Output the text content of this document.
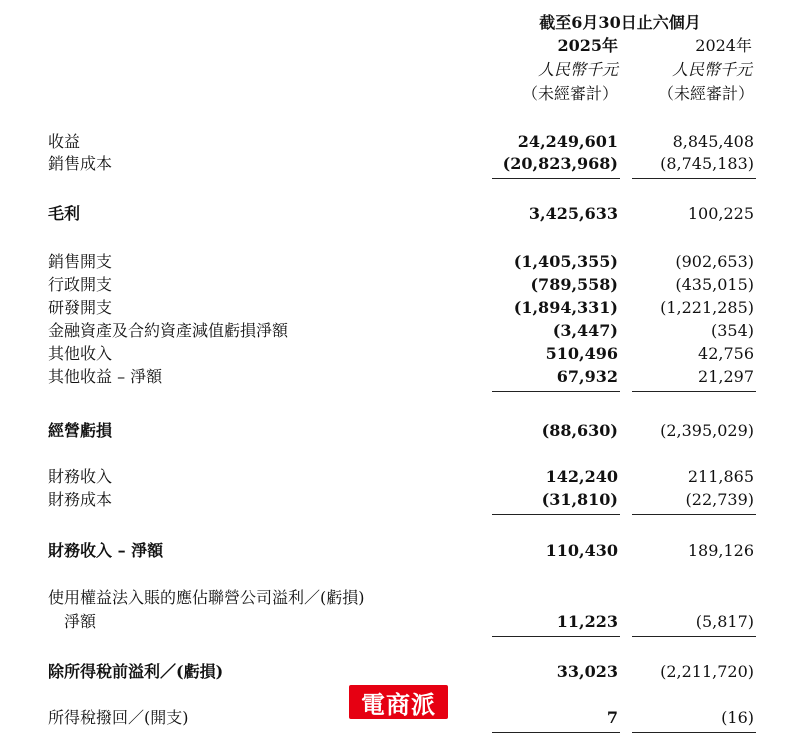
截至6月30日止六個月
2025年	2024年
人民幣千元	人民幣千元
（未經審計）	（未經審計）
收益	24,249,601	8,845,408
銷售成本	(20,823,968)	(8,745,183)
毛利	3,425,633	100,225
銷售開支	(1,405,355)	(902,653)
行政開支	(789,558)	(435,015)
研發開支	(1,894,331)	(1,221,285)
金融資產及合約資產減值虧損淨額	(3,447)	(354)
其他收入	510,496	42,756
其他收益 – 淨額	67,932	21,297
經營虧損	(88,630)	(2,395,029)
財務收入	142,240	211,865
財務成本	(31,810)	(22,739)
財務收入 – 淨額	110,430	189,126
使用權益法入賬的應佔聯營公司溢利／(虧損)
淨額	11,223	(5,817)
除所得稅前溢利／(虧損)	33,023	(2,211,720)
所得稅撥回／(開支)	7	(16)
電商派
